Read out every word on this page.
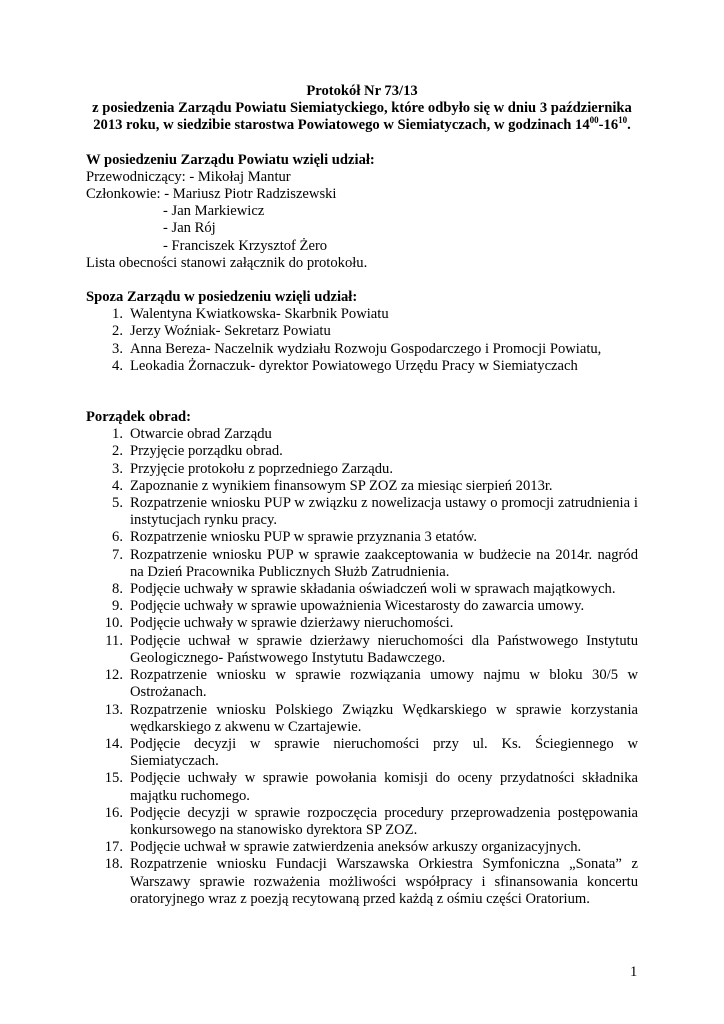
Protokół Nr 73/13

z posiedzenia Zarządu Powiatu Siemiatyckiego, które odbyło się w dniu 3 października

2013 roku, w siedzibie starostwa Powiatowego w Siemiatyczach, w godzinach $14^{00}-16^{10}$.

W posiedzeniu Zarządu Powiatu wzięli udział:

Przewodniczący: - Mikołaj Mantur

Członkowie: - Mariusz Piotr Radziszewski

- Jan Markiewicz

- Jan Rój

- Franciszek Krzysztof Żero

Lista obecności stanowi załącznik do protokołu.

Spoza Zarządu w posiedzeniu wzięli udział:

1. Walentyna Kwiatkowska- Skarbnik Powiatu
2. Jerzy Woźniak- Sekretarz Powiatu
3. Anna Bereza- Naczelnik wydziału Rozwoju Gospodarczego i Promocji Powiatu,
4. Leokadia Żornaczuk- dyrektor Powiatowego Urzędu Pracy w Siemiatyczach

Porządek obrad:

1. Otwarcie obrad Zarządu
2. Przyjęcie porządku obrad.
3. Przyjęcie protokołu z poprzedniego Zarządu.
4. Zapoznanie z wynikiem finansowym SP ZOZ za miesiąc sierpień 2013r.
5. Rozpatrzenie wniosku PUP w związku z nowelizacja ustawy o promocji zatrudnienia i instytucjach rynku pracy.
6. Rozpatrzenie wniosku PUP w sprawie przyznania 3 etatów.
7. Rozpatrzenie wniosku PUP w sprawie zaakceptowania w budżecie na 2014r. nagród na Dzień Pracownika Publicznych Służb Zatrudnienia.
8. Podjęcie uchwały w sprawie składania oświadczeń woli w sprawach majątkowych.
9. Podjęcie uchwały w sprawie upoważnienia Wicestarosty do zawarcia umowy.
10. Podjęcie uchwały w sprawie dzierżawy nieruchomości.
11. Podjęcie uchwał w sprawie dzierżawy nieruchomości dla Państwowego Instytutu Geologicznego- Państwowego Instytutu Badawczego.
12. Rozpatrzenie wniosku w sprawie rozwiązania umowy najmu w bloku 30/5 w Ostrożanach.
13. Rozpatrzenie wniosku Polskiego Związku Wędkarskiego w sprawie korzystania wędkarskiego z akwenu w Czartajewie.
14. Podjęcie decyzji w sprawie nieruchomości przy ul. Ks. Ściegiennego w Siemiatyczach.
15. Podjęcie uchwały w sprawie powołania komisji do oceny przydatności składnika majątku ruchomego.
16. Podjęcie decyzji w sprawie rozpoczęcia procedury przeprowadzenia postępowania konkursowego na stanowisko dyrektora SP ZOZ.
17. Podjęcie uchwał w sprawie zatwierdzenia aneksów arkuszy organizacyjnych.
18. Rozpatrzenie wniosku Fundacji Warszawska Orkiestra Symfoniczna „Sonata” z Warszawy sprawie rozważenia możliwości współpracy i sfinansowania koncertu oratoryjnego wraz z poezją recytowaną przed każdą z ośmiu części Oratorium.
1
